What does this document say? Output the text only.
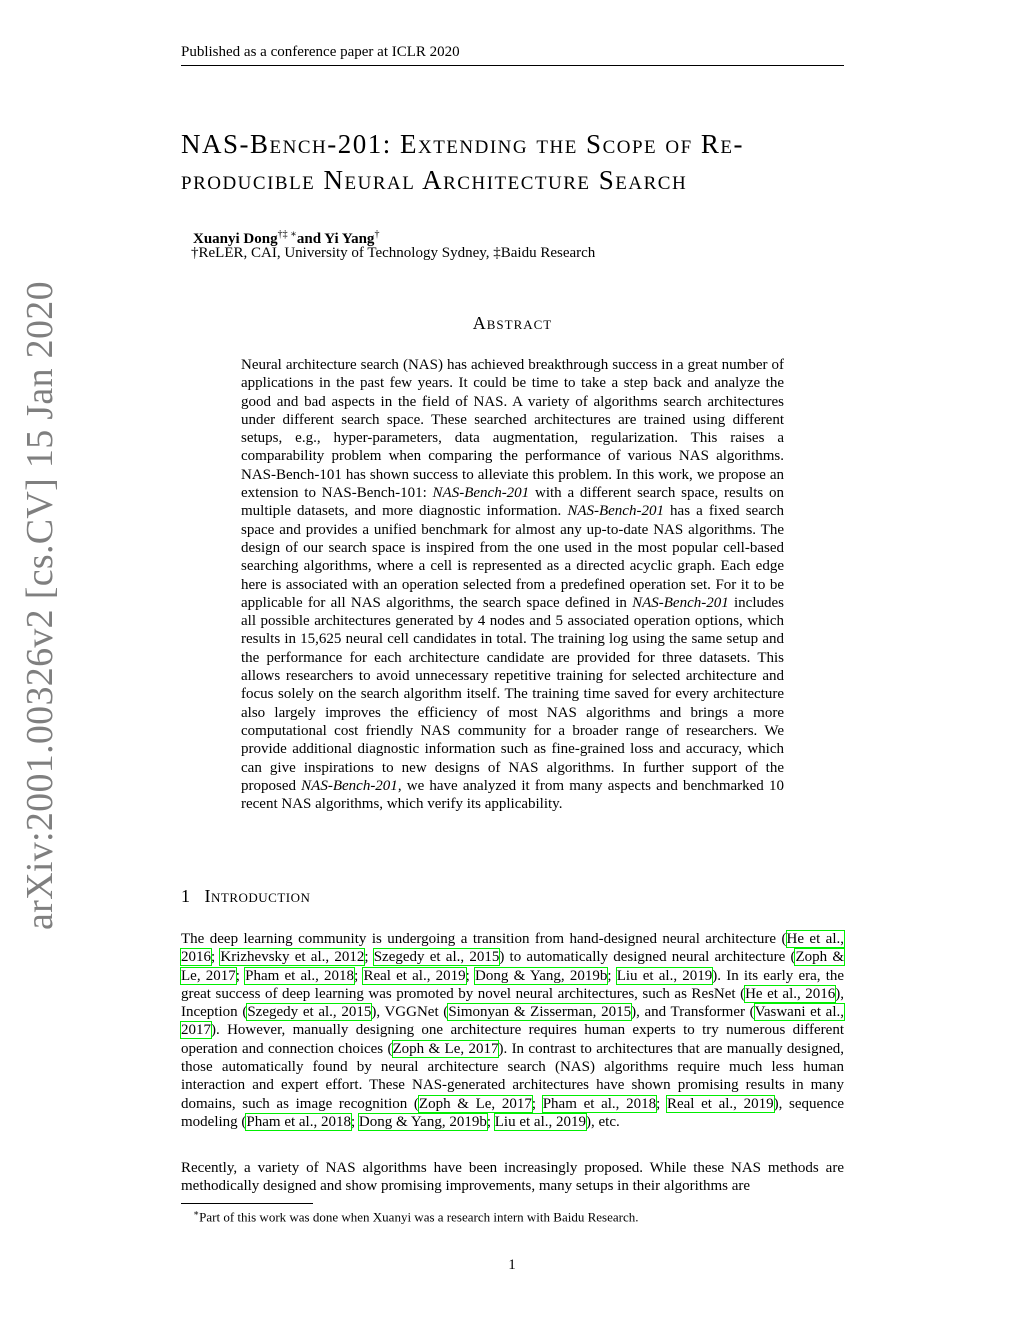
Published as a conference paper at ICLR 2020
arXiv:2001.00326v2 [cs.CV] 15 Jan 2020
NAS-Bench-201: Extending the Scope of Re- producible Neural Architecture Search
Xuanyi Dong†‡ ∗and Yi Yang†
†ReLER, CAI, University of Technology Sydney, ‡Baidu Research
Abstract
Neural architecture search (NAS) has achieved breakthrough success in a great number of applications in the past few years. It could be time to take a step back and analyze the good and bad aspects in the field of NAS. A variety of algorithms search architectures under different search space. These searched architectures are trained using different setups, e.g., hyper-parameters, data augmentation, regularization. This raises a comparability problem when comparing the performance of various NAS algorithms. NAS-Bench-101 has shown success to alleviate this problem. In this work, we propose an extension to NAS-Bench-101: NAS-Bench-201 with a different search space, results on multiple datasets, and more diagnostic information. NAS-Bench-201 has a fixed search space and provides a unified benchmark for almost any up-to-date NAS algorithms. The design of our search space is inspired from the one used in the most popular cell-based searching algorithms, where a cell is represented as a directed acyclic graph. Each edge here is associated with an operation selected from a predefined operation set. For it to be applicable for all NAS algorithms, the search space defined in NAS-Bench-201 includes all possible architectures generated by 4 nodes and 5 associated operation options, which results in 15,625 neural cell candidates in total. The training log using the same setup and the performance for each architecture candidate are provided for three datasets. This allows researchers to avoid unnecessary repetitive training for selected architecture and focus solely on the search algorithm itself. The training time saved for every architecture also largely improves the efficiency of most NAS algorithms and brings a more computational cost friendly NAS community for a broader range of researchers. We provide additional diagnostic information such as fine-grained loss and accuracy, which can give inspirations to new designs of NAS algorithms. In further support of the proposed NAS-Bench-201, we have analyzed it from many aspects and benchmarked 10 recent NAS algorithms, which verify its applicability.
1 Introduction
The deep learning community is undergoing a transition from hand-designed neural architecture (He et al., 2016; Krizhevsky et al., 2012; Szegedy et al., 2015) to automatically designed neural architecture (Zoph & Le, 2017; Pham et al., 2018; Real et al., 2019; Dong & Yang, 2019b; Liu et al., 2019). In its early era, the great success of deep learning was promoted by novel neural architectures, such as ResNet (He et al., 2016), Inception (Szegedy et al., 2015), VGGNet (Simonyan & Zisserman, 2015), and Transformer (Vaswani et al., 2017). However, manually designing one architecture requires human experts to try numerous different operation and connection choices (Zoph & Le, 2017). In contrast to architectures that are manually designed, those automatically found by neural architecture search (NAS) algorithms require much less human interaction and expert effort. These NAS-generated architectures have shown promising results in many domains, such as image recognition (Zoph & Le, 2017; Pham et al., 2018; Real et al., 2019), sequence modeling (Pham et al., 2018; Dong & Yang, 2019b; Liu et al., 2019), etc.
Recently, a variety of NAS algorithms have been increasingly proposed. While these NAS methods are methodically designed and show promising improvements, many setups in their algorithms are
∗Part of this work was done when Xuanyi was a research intern with Baidu Research.
1
